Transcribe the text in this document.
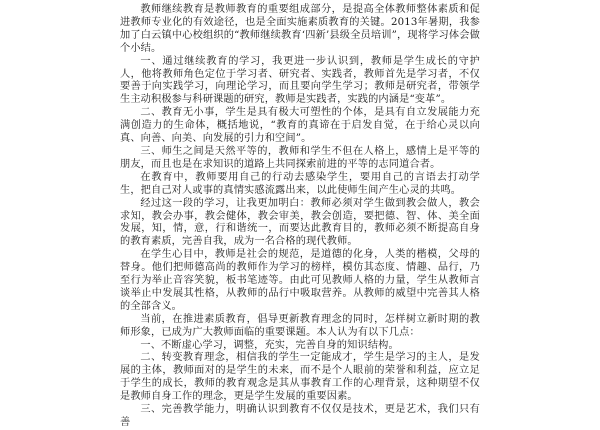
教师继续教育是教师教育的重要组成部分，是提高全体教师整体素质和促进教师专业化的有效途径，也是全面实施素质教育的关键。2013年暑期，我参加了白云镇中心校组织的“教师继续教育‘四新’县级全员培训”，现将学习体会做个小结。

一、通过继续教育的学习，我更进一步认识到，教师是学生成长的守护人，他将教师角色定位于学习者、研究者、实践者，教师首先是学习者，不仅要善于向实践学习，向理论学习，而且要向学生学习；教师是研究者，带领学生主动积极参与科研课题的研究，教师是实践者，实践的内涵是“变革”。

二、教育无小事，学生是具有极大可塑性的个体，是具有自立发展能力充满创造力的生命体，概括地说，“教育的真谛在于启发自觉，在于给心灵以向真、向善、向美、向发展的引力和空间”。

三、师生之间是天然平等的，教师和学生不但在人格上，感情上是平等的朋友，而且也是在求知识的道路上共同探索前进的平等的志同道合者。

在教育中，教师要用自己的行动去感染学生，要用自己的言语去打动学生，把自己对人或事的真情实感流露出来，以此使师生间产生心灵的共鸣。

经过这一段的学习，让我更加明白：教师必须对学生做到教会做人，教会求知，教会办事，教会健体，教会审美，教会创造，要把德、智、体、美全面发展，知，情，意，行和谐统一，而要达此教育目的，教师必须不断提高自身的教育素质，完善自我，成为一名合格的现代教师。

在学生心目中，教师是社会的规范，是道德的化身，人类的楷模，父母的替身。他们把师德高尚的教师作为学习的榜样，模仿其态度、情趣、品行，乃至行为举止音容笑貌，板书笔迹等。由此可见教师人格的力量，学生从教师言谈举止中发展其性格，从教师的品行中吸取营养。从教师的威望中完善其人格的全部含义。

当前，在推进素质教育，倡导更新教育理念的同时，怎样树立新时期的教师形象，已成为广大教师面临的重要课题。本人认为有以下几点：

一、不断虚心学习，调整，充实，完善自身的知识结构。

二、转变教育理念，相信我的学生一定能成才，学生是学习的主人，是发展的主体，教师面对的是学生的未来，而不是个人眼前的荣誉和利益，应立足于学生的成长，教师的教育观念是其从事教育工作的心理背景，这种期望不仅是教师自身工作的理念，更是学生发展的重要因素。

三、完善教学能力，明确认识到教育不仅仅是技术，更是艺术，我们只有善
